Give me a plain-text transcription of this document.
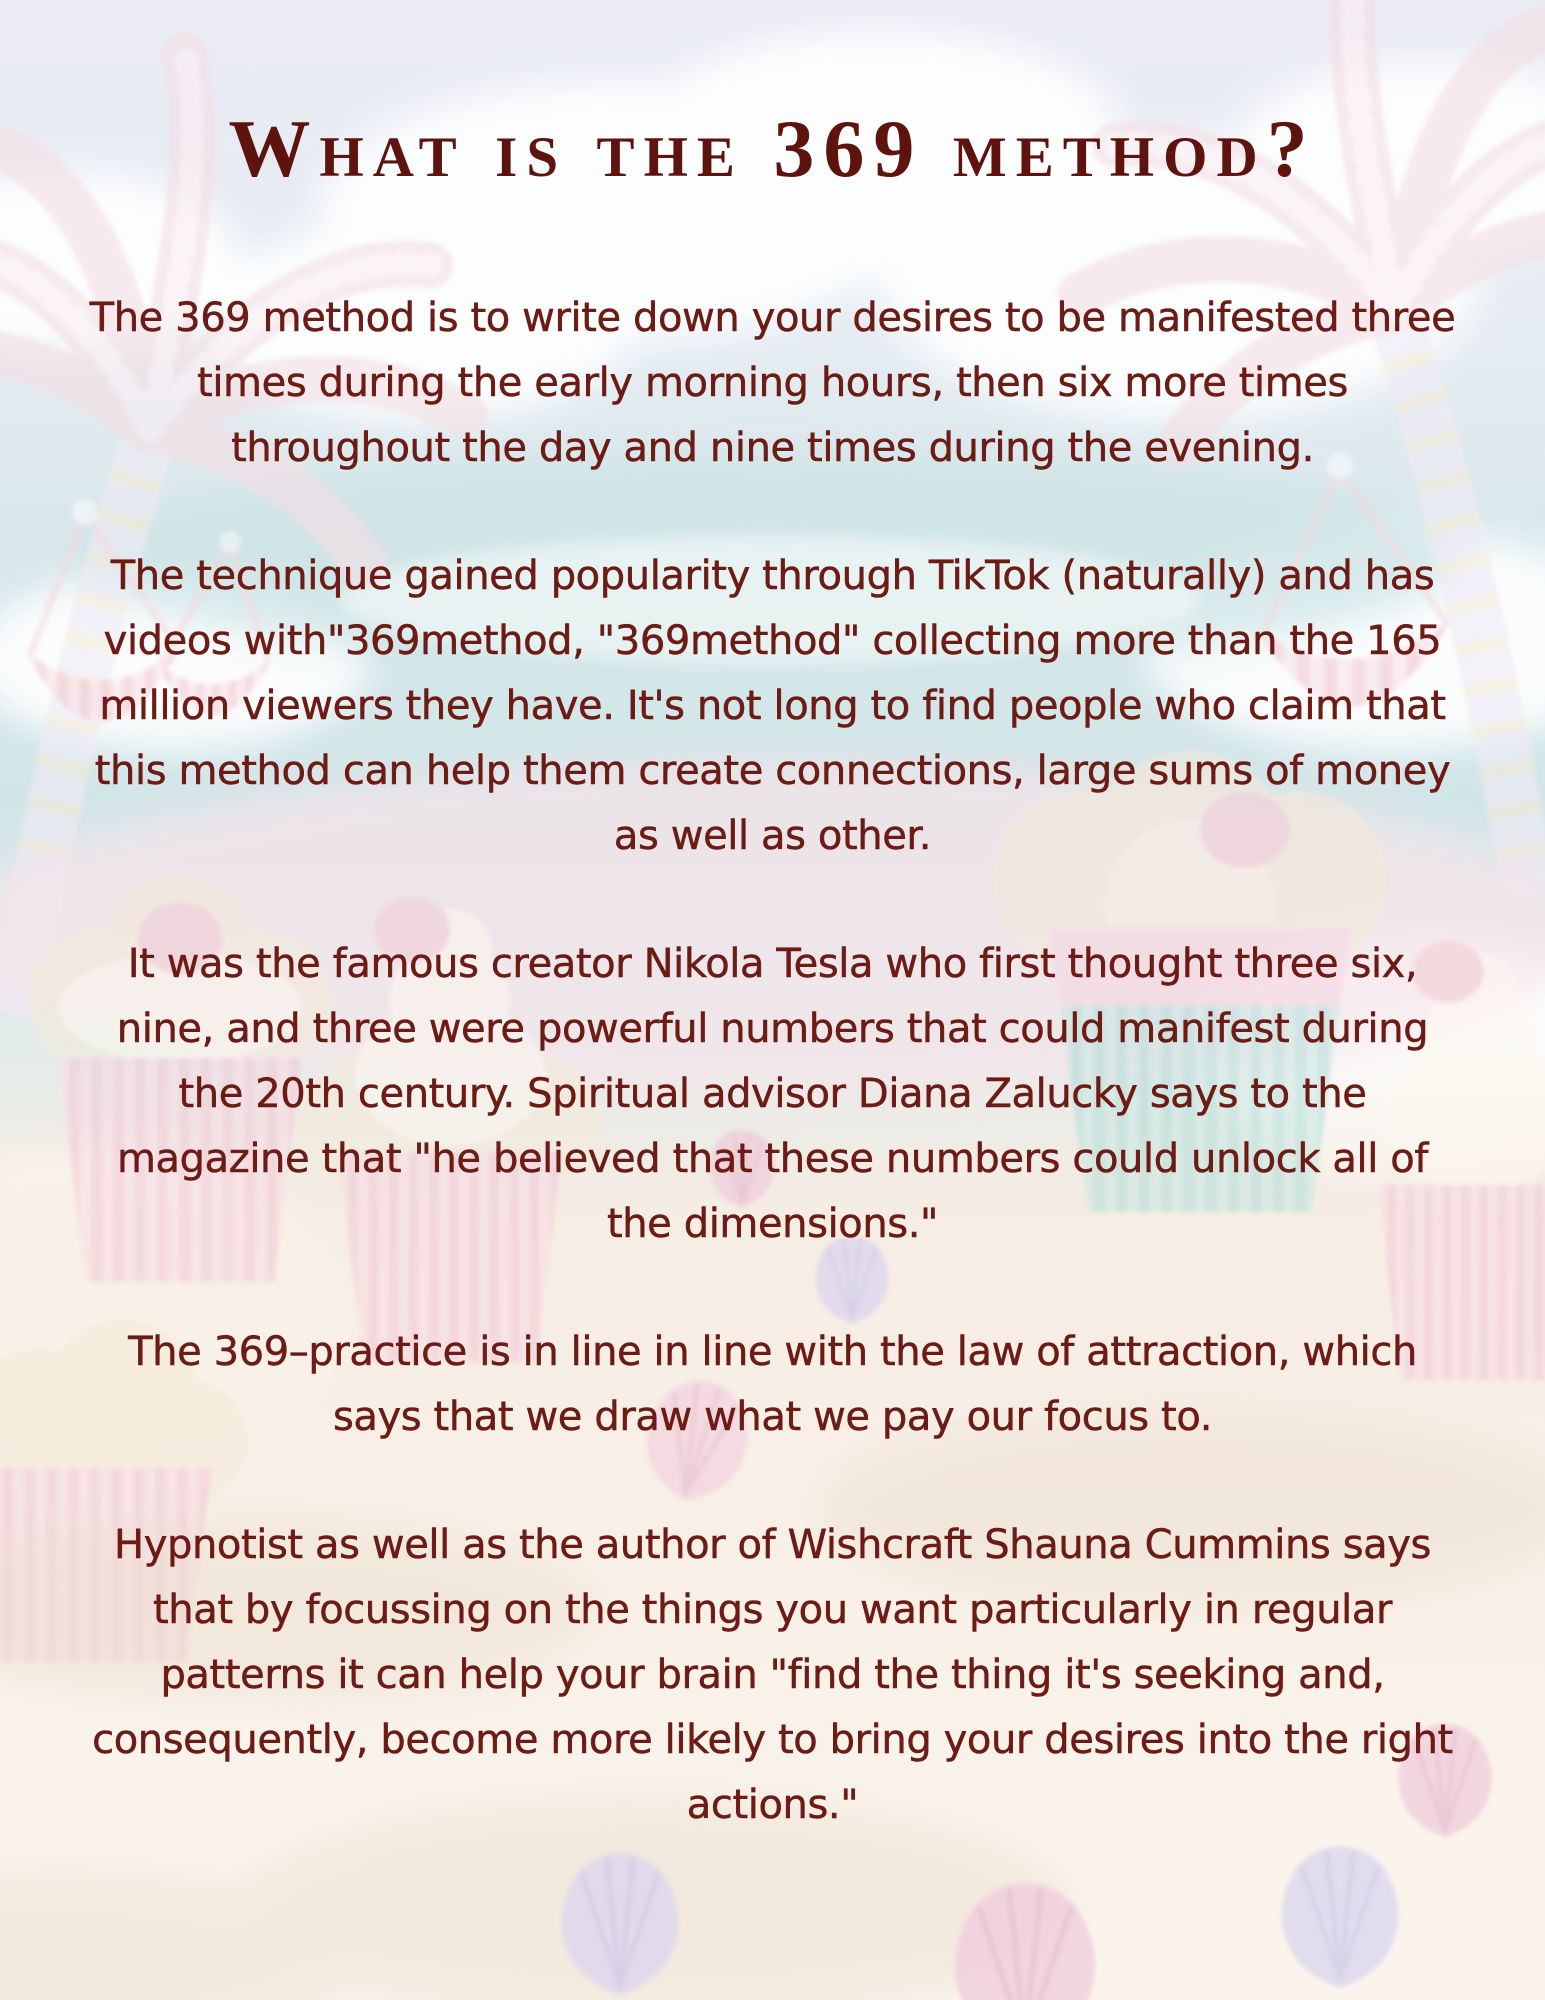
What is the 369 method?

The 369 method is to write down your desires to be manifested three times during the early morning hours, then six more times throughout the day and nine times during the evening.

The technique gained popularity through TikTok (naturally) and has videos with"369method, "369method" collecting more than the 165 million viewers they have. It's not long to find people who claim that this method can help them create connections, large sums of money as well as other.

It was the famous creator Nikola Tesla who first thought three six, nine, and three were powerful numbers that could manifest during the 20th century. Spiritual advisor Diana Zalucky says to the magazine that "he believed that these numbers could unlock all of the dimensions."

The 369–practice is in line in line with the law of attraction, which says that we draw what we pay our focus to.

Hypnotist as well as the author of Wishcraft Shauna Cummins says that by focussing on the things you want particularly in regular patterns it can help your brain "find the thing it's seeking and, consequently, become more likely to bring your desires into the right actions."
